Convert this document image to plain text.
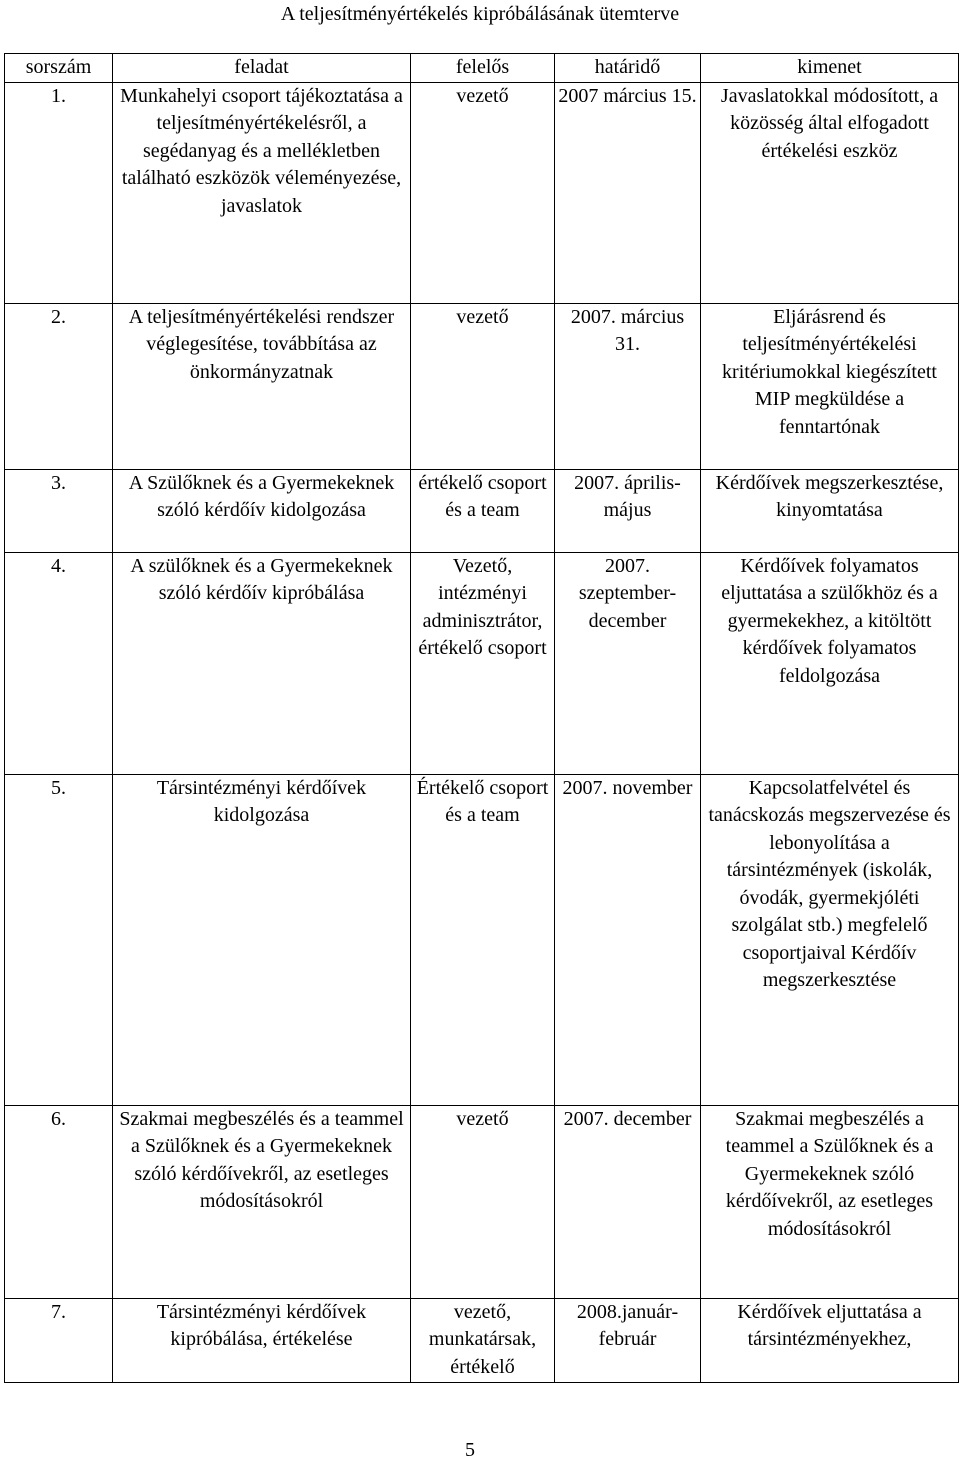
A teljesítményértékelés kipróbálásának ütemterve
sorszám	feladat	felelős	határidő	kimenet
1.	Munkahelyi csoport tájékoztatása a teljesítményértékelésről, a segédanyag és a mellékletben található eszközök véleményezése, javaslatok	vezető	2007 március 15.	Javaslatokkal módosított, a közösség által elfogadott értékelési eszköz
2.	A teljesítményértékelési rendszer véglegesítése, továbbítása az önkormányzatnak	vezető	2007. március 31.	Eljárásrend és teljesítményértékelési kritériumokkal kiegészített MIP megküldése a fenntartónak
3.	A Szülőknek és a Gyermekeknek szóló kérdőív kidolgozása	értékelő csoport és a team	2007. április-május	Kérdőívek megszerkesztése, kinyomtatása
4.	A szülőknek és a Gyermekeknek szóló kérdőív kipróbálása	Vezető, intézményi adminisztrátor, értékelő csoport	2007. szeptember-december	Kérdőívek folyamatos eljuttatása a szülőkhöz és a gyermekekhez, a kitöltött kérdőívek folyamatos feldolgozása
5.	Társintézményi kérdőívek kidolgozása	Értékelő csoport és a team	2007. november	Kapcsolatfelvétel és tanácskozás megszervezése és lebonyolítása a társintézmények (iskolák, óvodák, gyermekjóléti szolgálat stb.) megfelelő csoportjaival Kérdőív megszerkesztése
6.	Szakmai megbeszélés és a teammel a Szülőknek és a Gyermekeknek szóló kérdőívekről, az esetleges módosításokról	vezető	2007. december	Szakmai megbeszélés a teammel a Szülőknek és a Gyermekeknek szóló kérdőívekről, az esetleges módosításokról
7.	Társintézményi kérdőívek kipróbálása, értékelése	vezető, munkatársak, értékelő	2008.január-február	Kérdőívek eljuttatása a társintézményekhez,
5
